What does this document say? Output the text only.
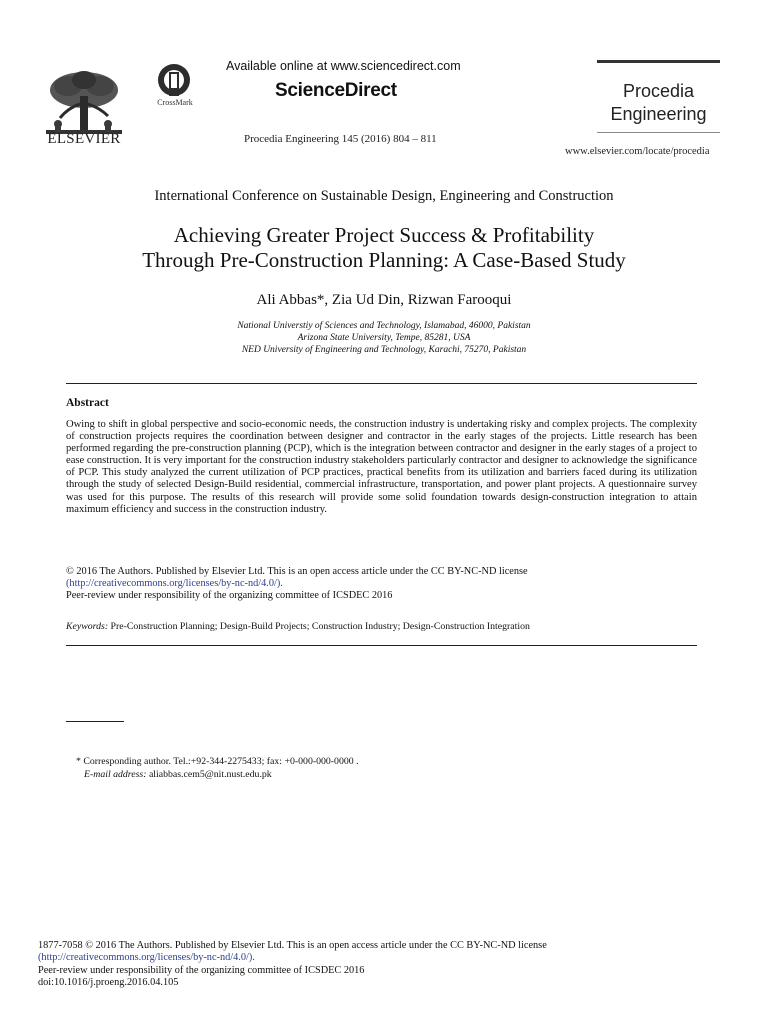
ELSEVIER
CrossMark
Available online at www.sciencedirect.com
ScienceDirect
Procedia Engineering 145 (2016) 804 – 811
Procedia
Engineering
www.elsevier.com/locate/procedia
International Conference on Sustainable Design, Engineering and Construction
Achieving Greater Project Success & Profitability
Through Pre-Construction Planning: A Case-Based Study
Ali Abbas*, Zia Ud Din, Rizwan Farooqui
National Universtiy of Sciences and Technology, Islamabad, 46000, Pakistan
Arizona State University, Tempe, 85281, USA
NED University of Engineering and Technology, Karachi, 75270, Pakistan
Abstract
Owing to shift in global perspective and socio-economic needs, the construction industry is undertaking risky and complex projects. The complexity of construction projects requires the coordination between designer and contractor in the early stages of the projects. Little research has been performed regarding the pre-construction planning (PCP), which is the integration between contractor and designer in the early stages of a project to ease construction. It is very important for the construction industry stakeholders particularly contractor and designer to acknowledge the significance of PCP. This study analyzed the current utilization of PCP practices, practical benefits from its utilization and barriers faced during its utilization through the study of selected Design-Build residential, commercial infrastructure, transportation, and power plant projects. A questionnaire survey was used for this purpose. The results of this research will provide some solid foundation towards design-construction integration to attain maximum efficiency and success in the construction industry.
© 2016 The Authors. Published by Elsevier Ltd. This is an open access article under the CC BY-NC-ND license
(http://creativecommons.org/licenses/by-nc-nd/4.0/).
Peer-review under responsibility of the organizing committee of ICSDEC 2016
Keywords: Pre-Construction Planning; Design-Build Projects; Construction Industry; Design-Construction Integration
* Corresponding author. Tel.:+92-344-2275433; fax: +0-000-000-0000 .
E-mail address: aliabbas.cem5@nit.nust.edu.pk
1877-7058 © 2016 The Authors. Published by Elsevier Ltd. This is an open access article under the CC BY-NC-ND license
(http://creativecommons.org/licenses/by-nc-nd/4.0/).
Peer-review under responsibility of the organizing committee of ICSDEC 2016
doi:10.1016/j.proeng.2016.04.105
